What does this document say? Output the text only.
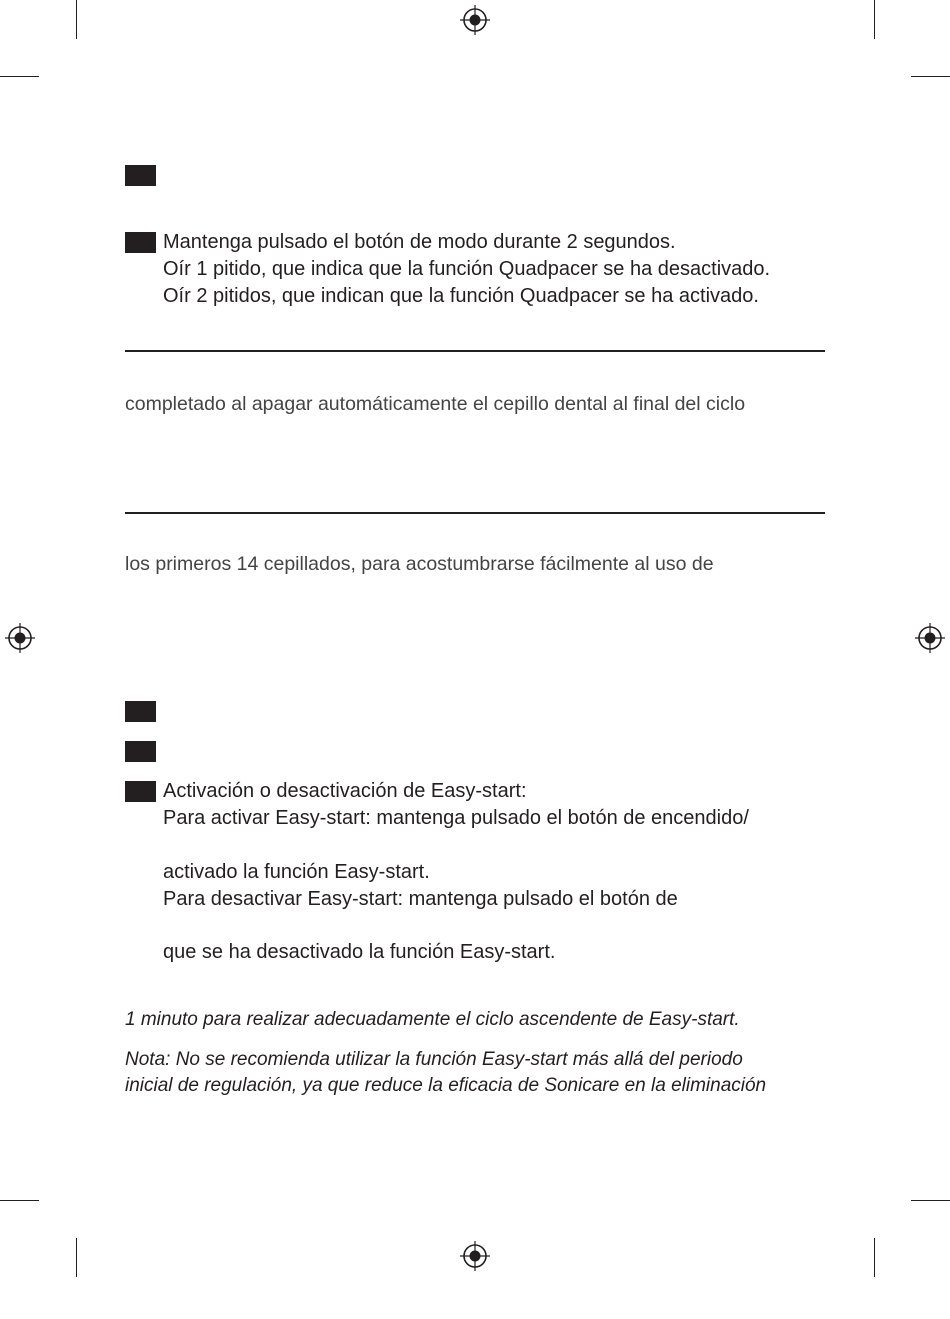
Mantenga pulsado el botón de modo durante 2 segundos.
Oír 1 pitido, que indica que la función Quadpacer se ha desactivado.
Oír 2 pitidos, que indican que la función Quadpacer se ha activado.
completado al apagar automáticamente el cepillo dental al final del ciclo
los primeros 14 cepillados, para acostumbrarse fácilmente al uso de
Activación o desactivación de Easy-start:
Para activar Easy-start: mantenga pulsado el botón de encendido/
activado la función Easy-start.
Para desactivar Easy-start: mantenga pulsado el botón de
que se ha desactivado la función Easy-start.
1 minuto para realizar adecuadamente el ciclo ascendente de Easy-start.
Nota: No se recomienda utilizar la función Easy-start más allá del periodo
inicial de regulación, ya que reduce la eficacia de Sonicare en la eliminación
